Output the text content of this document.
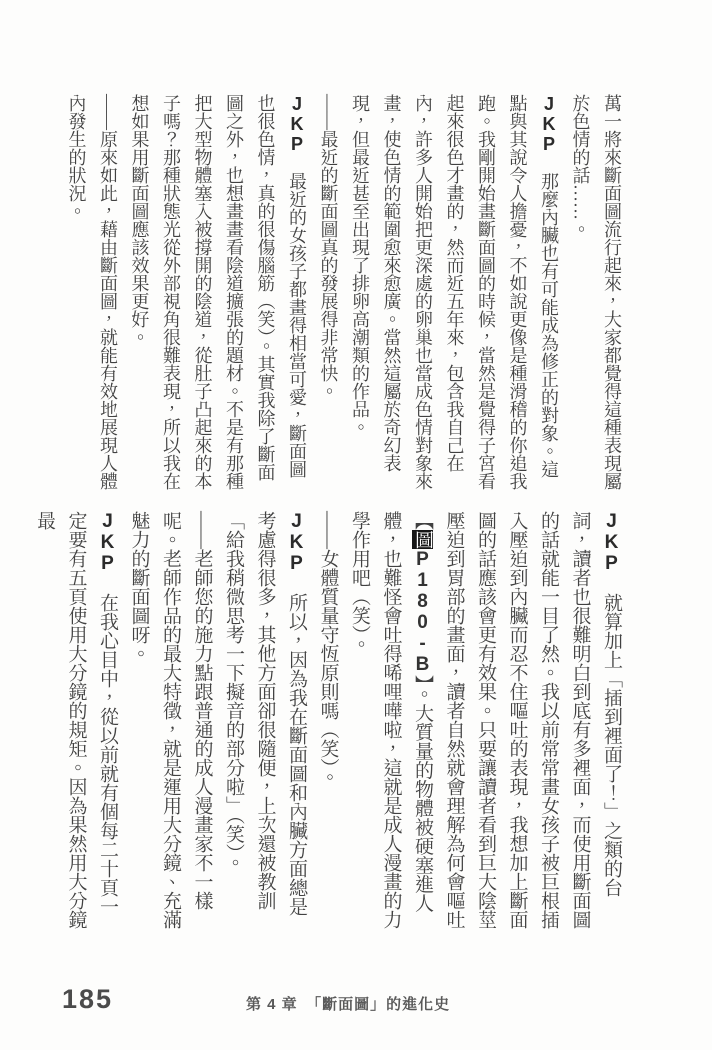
萬一將來斷面圖流行起來，大家都覺得這種表現屬於色情的話……。

JKP　那麼內臟也有可能成為修正的對象。這點與其說令人擔憂，不如說更像是種滑稽的你追我跑。我剛開始畫斷面圖的時候，當然是覺得子宮看起來很色才畫的，然而近五年來，包含我自己在內，許多人開始把更深處的卵巢也當成色情對象來畫，使色情的範圍愈來愈廣。當然這屬於奇幻表現，但最近甚至出現了排卵高潮類的作品。

——最近的斷面圖真的發展得非常快。

JKP　最近的女孩子都畫得相當可愛，斷面圖也很色情，真的很傷腦筋（笑）。其實我除了斷面圖之外，也想畫畫看陰道擴張的題材。不是有那種把大型物體塞入被撐開的陰道，從肚子凸起來的本子嗎？那種狀態光從外部視角很難表現，所以我在想如果用斷面圖應該效果更好。

——原來如此，藉由斷面圖，就能有效地展現人體內發生的狀況。

JKP　就算加上「插到裡面了！」之類的台詞，讀者也很難明白到底有多裡面，而使用斷面圖的話就能一目了然。我以前常常畫女孩子被巨根插入壓迫到內臟而忍不住嘔吐的表現，我想加上斷面圖的話應該會更有效果。只要讓讀者看到巨大陰莖壓迫到胃部的畫面，讀者自然就會理解為何會嘔吐【圖P180-B】。大質量的物體被硬塞進人體，也難怪會吐得唏哩嘩啦，這就是成人漫畫的力學作用吧（笑）。

——女體質量守恆原則嗎（笑）。

JKP　所以，因為我在斷面圖和內臟方面總是考慮得很多，其他方面卻很隨便，上次還被教訓「給我稍微思考一下擬音的部分啦」（笑）。

——老師您的施力點跟普通的成人漫畫家不一樣呢。老師作品的最大特徵，就是運用大分鏡、充滿魅力的斷面圖呀。

JKP　在我心目中，從以前就有個每二十頁一定要有五頁使用大分鏡的規矩。因為果然用大分鏡最

185	第 4 章　「斷面圖」的進化史
